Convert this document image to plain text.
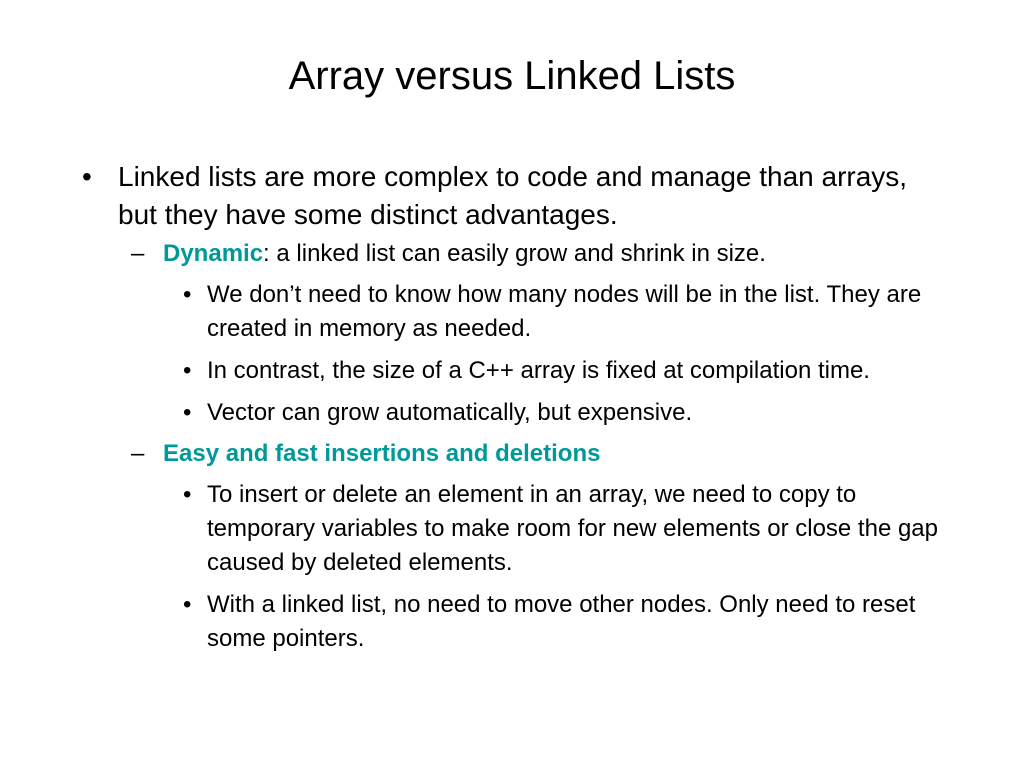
Array versus Linked Lists
• Linked lists are more complex to code and manage than arrays, but they have some distinct advantages.
– Dynamic: a linked list can easily grow and shrink in size.
• We don’t need to know how many nodes will be in the list. They are created in memory as needed.
• In contrast, the size of a C++ array is fixed at compilation time.
• Vector can grow automatically, but expensive.
– Easy and fast insertions and deletions
• To insert or delete an element in an array, we need to copy to temporary variables to make room for new elements or close the gap caused by deleted elements.
• With a linked list, no need to move other nodes. Only need to reset some pointers.
